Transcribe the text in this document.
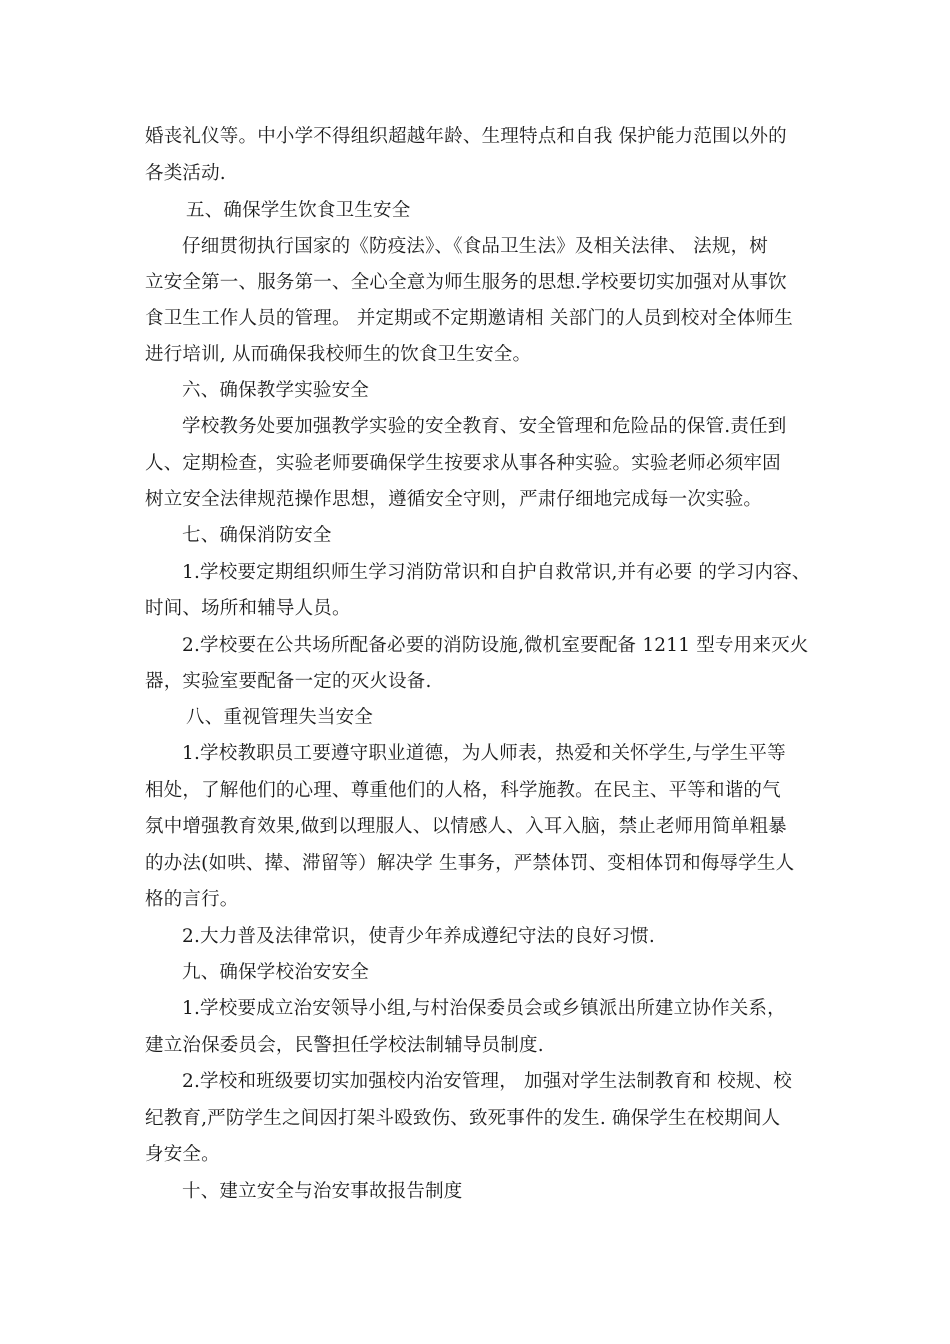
婚丧礼仪等。中小学不得组织超越年龄、生理特点和自我 保护能力范围以外的
各类活动.
五、确保学生饮食卫生安全
仔细贯彻执行国家的《防疫法》、《食品卫生法》及相关法律、 法规，树
立安全第一、服务第一、全心全意为师生服务的思想.学校要切实加强对从事饮
食卫生工作人员的管理。 并定期或不定期邀请相 关部门的人员到校对全体师生
进行培训, 从而确保我校师生的饮食卫生安全。
六、确保教学实验安全
学校教务处要加强教学实验的安全教育、安全管理和危险品的保管.责任到
人、定期检查，实验老师要确保学生按要求从事各种实验。实验老师必须牢固
树立安全法律规范操作思想，遵循安全守则，严肃仔细地完成每一次实验。
七、确保消防安全
1.学校要定期组织师生学习消防常识和自护自救常识,并有必要 的学习内容、
时间、场所和辅导人员。
2.学校要在公共场所配备必要的消防设施,微机室要配备 1211 型专用来灭火
器，实验室要配备一定的灭火设备.
八、重视管理失当安全
1.学校教职员工要遵守职业道德，为人师表，热爱和关怀学生,与学生平等
相处，了解他们的心理、尊重他们的人格，科学施教。在民主、平等和谐的气
氛中增强教育效果,做到以理服人、以情感人、入耳入脑，禁止老师用简单粗暴
的办法(如哄、撵、滞留等）解决学 生事务，严禁体罚、变相体罚和侮辱学生人
格的言行。
2.大力普及法律常识，使青少年养成遵纪守法的良好习惯.
九、确保学校治安安全
1.学校要成立治安领导小组,与村治保委员会或乡镇派出所建立协作关系，
建立治保委员会，民警担任学校法制辅导员制度.
2.学校和班级要切实加强校内治安管理， 加强对学生法制教育和 校规、校
纪教育,严防学生之间因打架斗殴致伤、致死事件的发生. 确保学生在校期间人
身安全。
十、建立安全与治安事故报告制度
